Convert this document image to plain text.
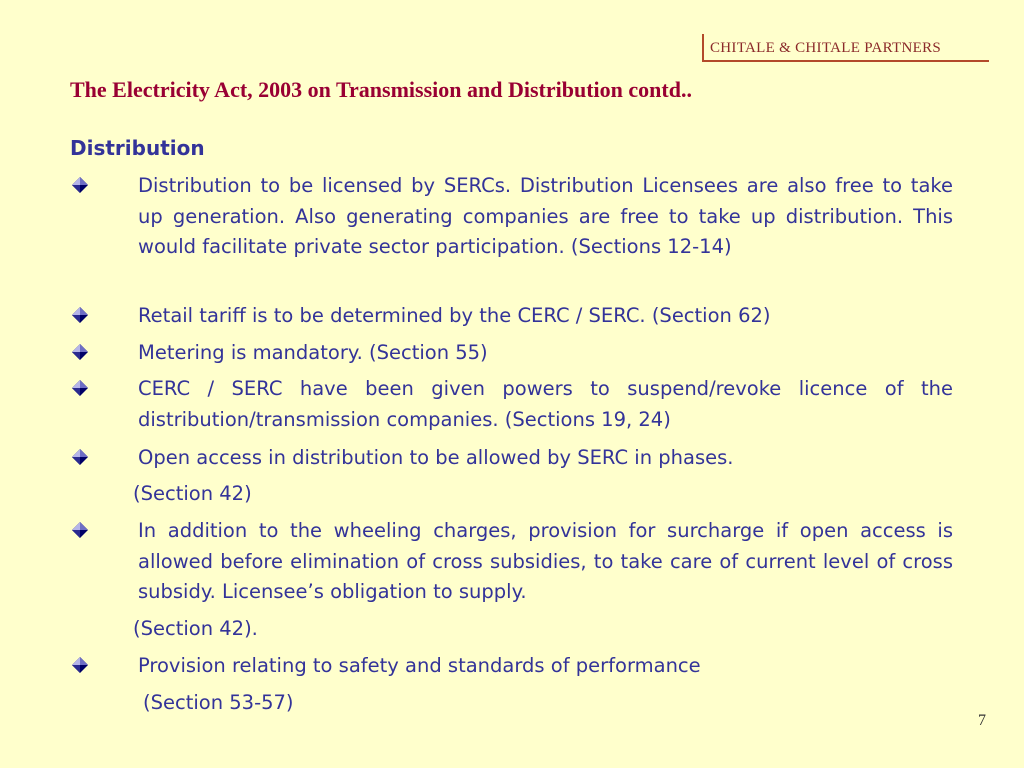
CHITALE & CHITALE PARTNERS
The Electricity Act, 2003 on Transmission and Distribution contd..
Distribution

Distribution to be licensed by SERCs. Distribution Licensees are also free to take up generation. Also generating companies are free to take up distribution. This would facilitate private sector participation. (Sections 12-14)

Retail tariff is to be determined by the CERC / SERC. (Section 62)

Metering is mandatory. (Section 55)

CERC / SERC have been given powers to suspend/revoke licence of the distribution/transmission companies. (Sections 19, 24)

Open access in distribution to be allowed by SERC in phases.

(Section 42)

In addition to the wheeling charges, provision for surcharge if open access is allowed before elimination of cross subsidies, to take care of current level of cross subsidy. Licensee’s obligation to supply.

(Section 42).

Provision relating to safety and standards of performance

(Section 53-57)

7
